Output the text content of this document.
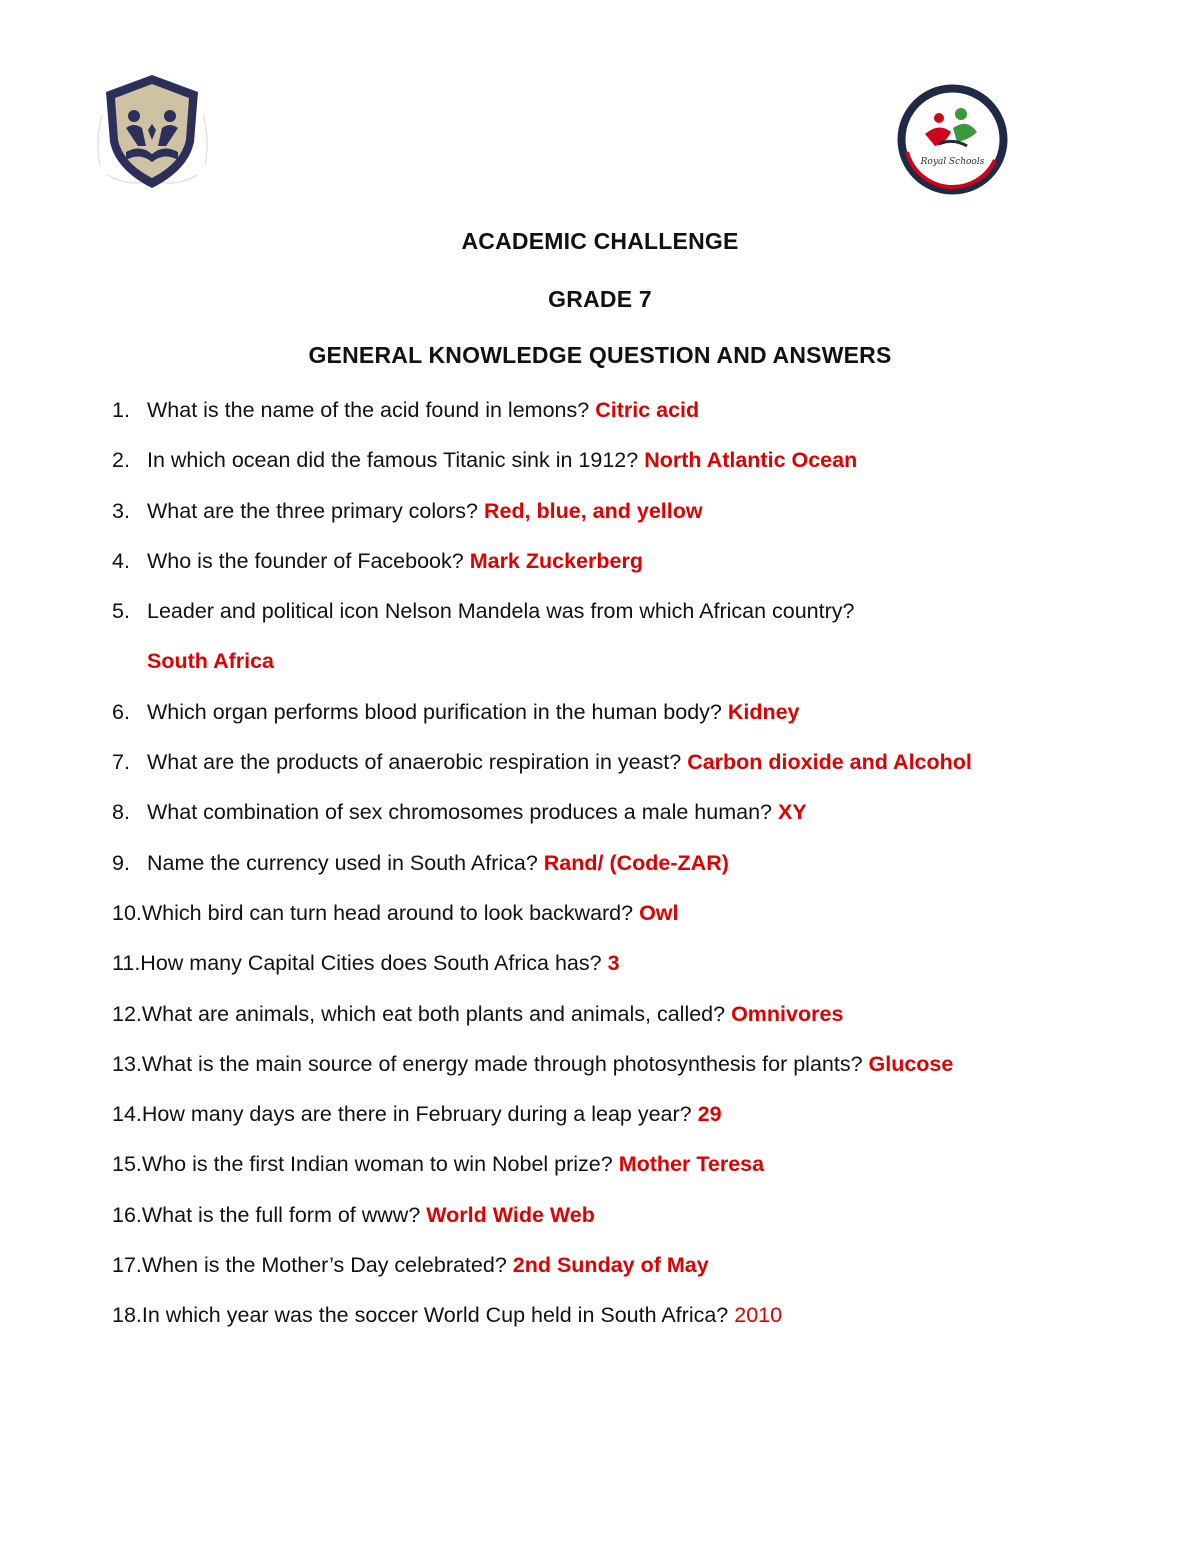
Royal Schools
ACADEMIC CHALLENGE
GRADE 7
GENERAL KNOWLEDGE QUESTION AND ANSWERS
1. What is the name of the acid found in lemons? Citric acid
2. In which ocean did the famous Titanic sink in 1912? North Atlantic Ocean
3. What are the three primary colors? Red, blue, and yellow
4. Who is the founder of Facebook? Mark Zuckerberg
5. Leader and political icon Nelson Mandela was from which African country?
South Africa
6. Which organ performs blood purification in the human body? Kidney
7. What are the products of anaerobic respiration in yeast? Carbon dioxide and Alcohol
8. What combination of sex chromosomes produces a male human? XY
9. Name the currency used in South Africa? Rand/ (Code-ZAR)
10.Which bird can turn head around to look backward? Owl
11.How many Capital Cities does South Africa has? 3
12.What are animals, which eat both plants and animals, called? Omnivores
13.What is the main source of energy made through photosynthesis for plants? Glucose
14.How many days are there in February during a leap year? 29
15.Who is the first Indian woman to win Nobel prize? Mother Teresa
16.What is the full form of www? World Wide Web
17.When is the Mother’s Day celebrated? 2nd Sunday of May
18.In which year was the soccer World Cup held in South Africa? 2010
